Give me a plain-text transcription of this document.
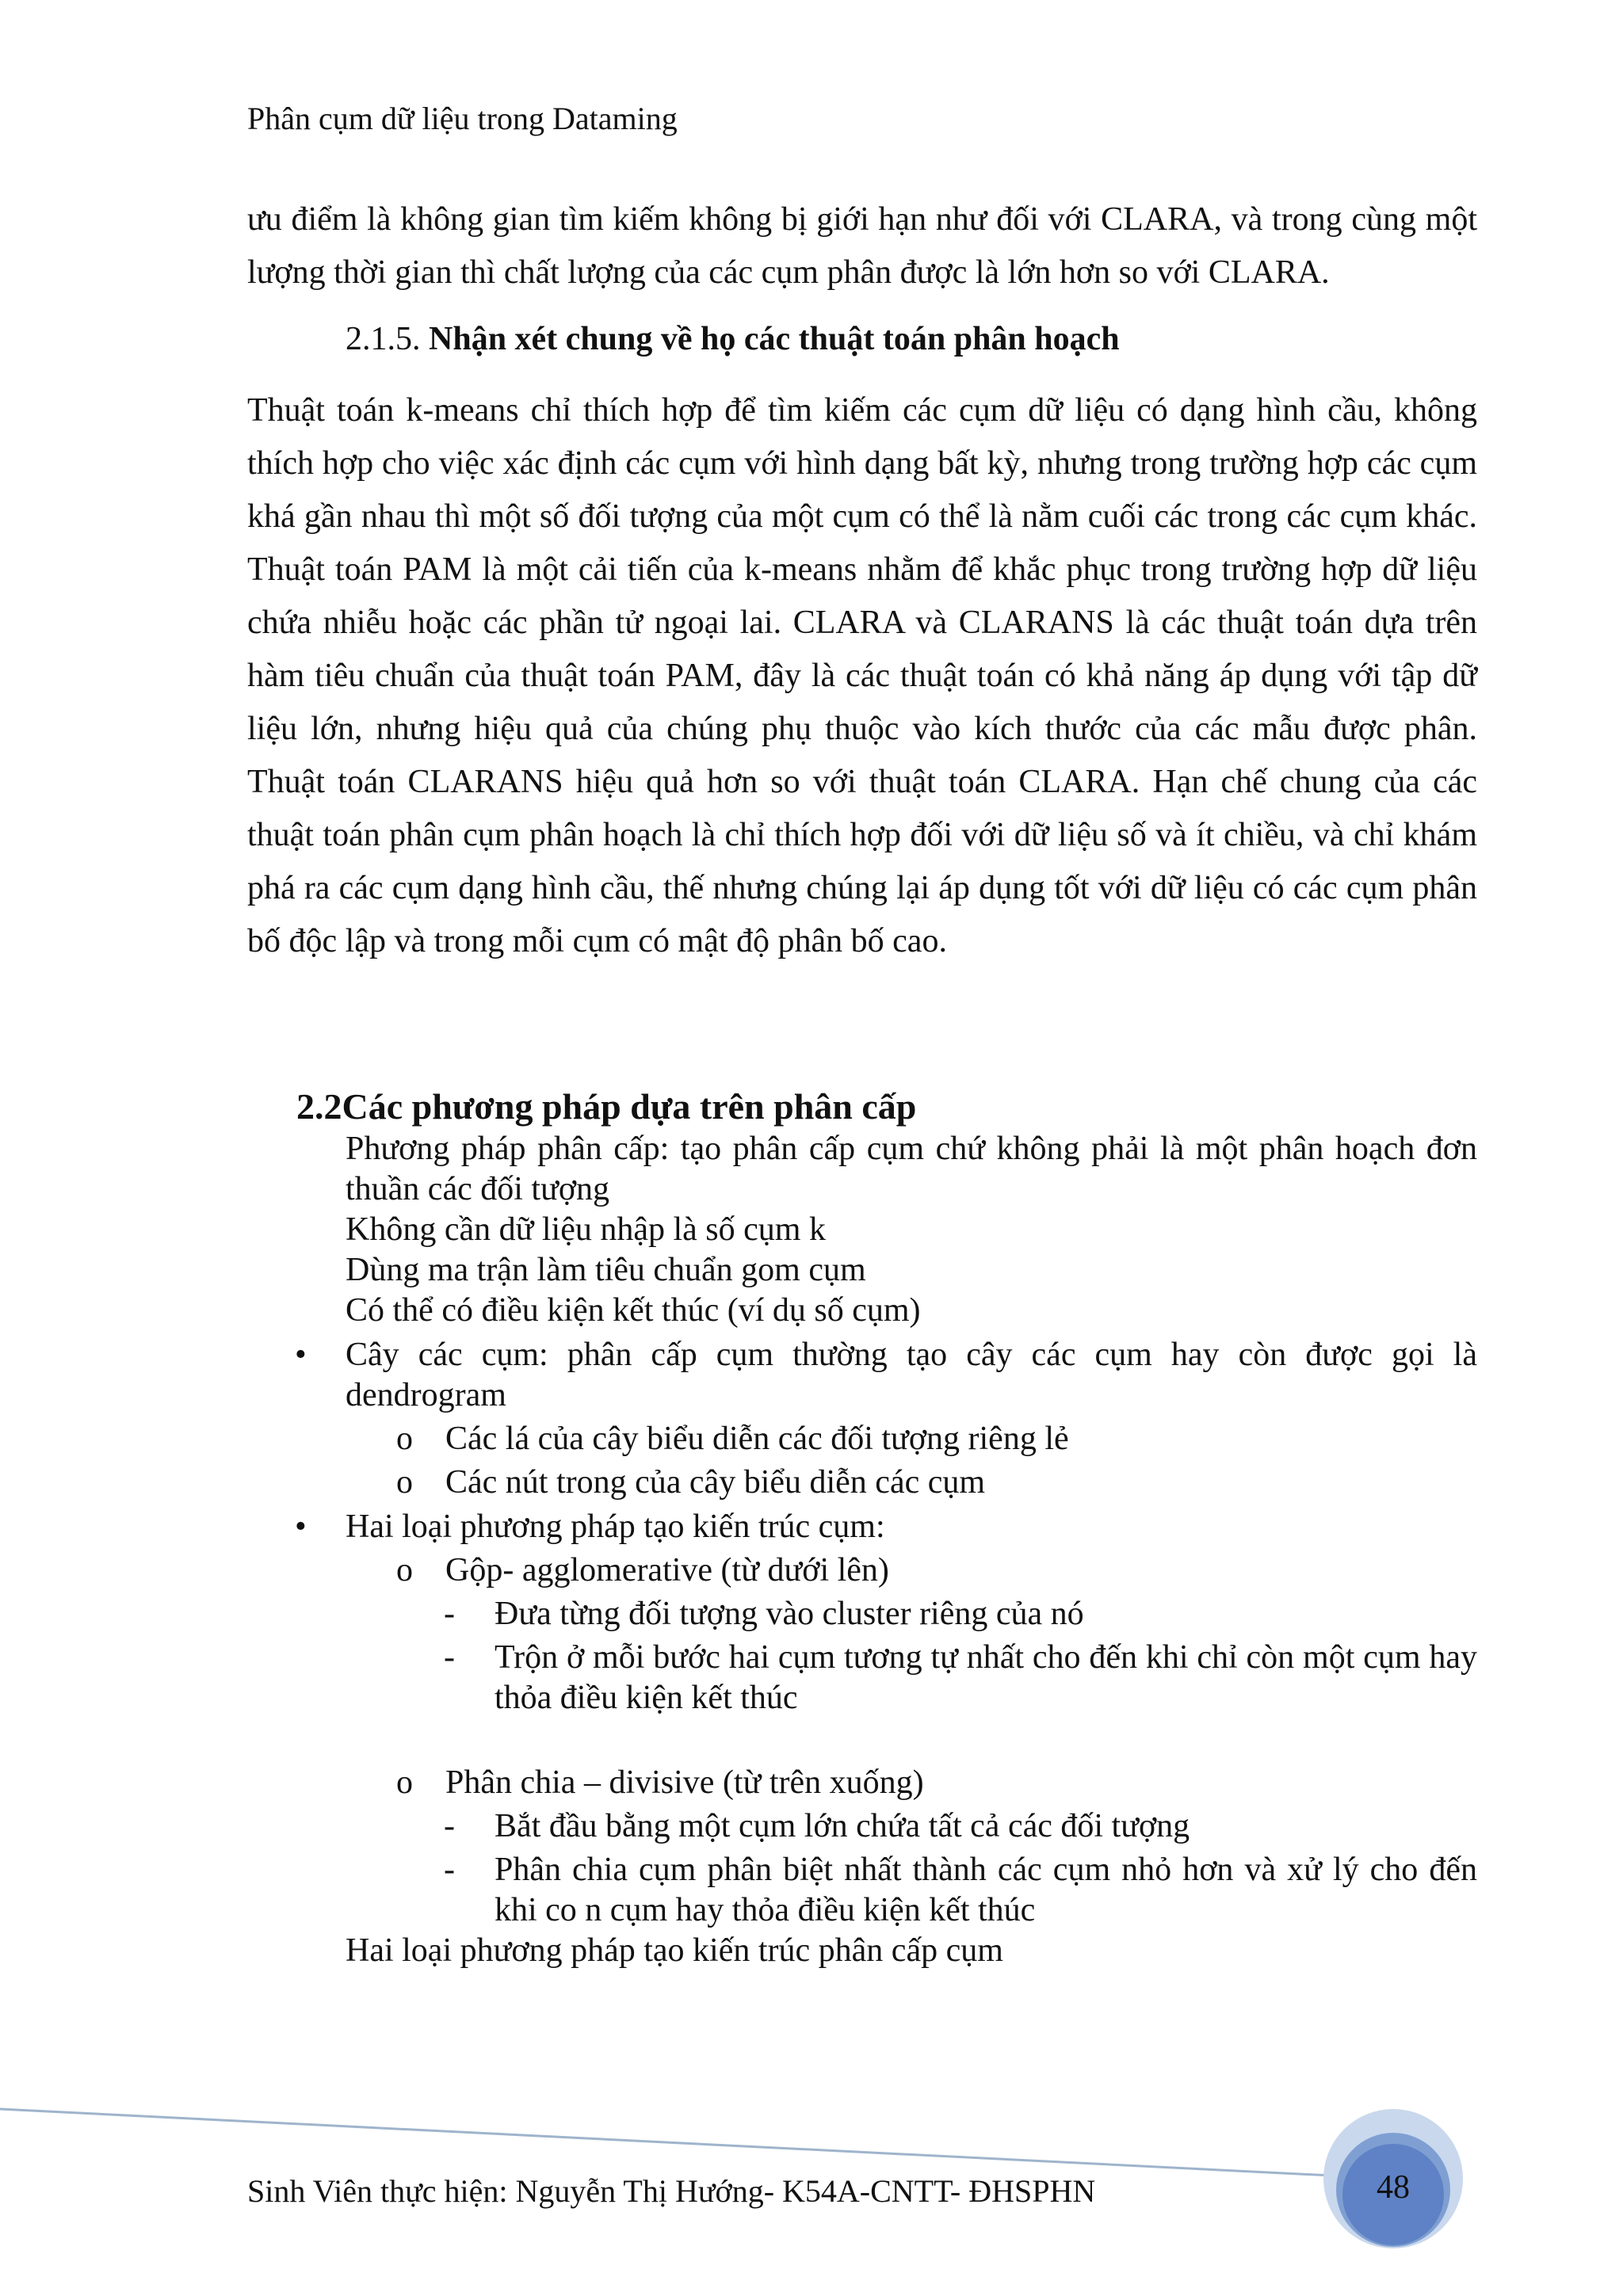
Phân cụm dữ liệu trong Dataming

ưu điểm là không gian tìm kiếm không bị giới hạn như đối với CLARA, và trong cùng một lượng thời gian thì chất lượng của các cụm phân được là lớn hơn so với CLARA.

2.1.5. Nhận xét chung về họ các thuật toán phân hoạch

Thuật toán k-means chỉ thích hợp để tìm kiếm các cụm dữ liệu có dạng hình cầu, không thích hợp cho việc xác định các cụm với hình dạng bất kỳ, nhưng trong trường hợp các cụm khá gần nhau thì một số đối tượng của một cụm có thể là nằm cuối các trong các cụm khác. Thuật toán PAM là một cải tiến của k-means nhằm để khắc phục trong trường hợp dữ liệu chứa nhiễu hoặc các phần tử ngoại lai. CLARA và CLARANS là các thuật toán dựa trên hàm tiêu chuẩn của thuật toán PAM, đây là các thuật toán có khả năng áp dụng với tập dữ liệu lớn, nhưng hiệu quả của chúng phụ thuộc vào kích thước của các mẫu được phân. Thuật toán CLARANS hiệu quả hơn so với thuật toán CLARA. Hạn chế chung của các thuật toán phân cụm phân hoạch là chỉ thích hợp đối với dữ liệu số và ít chiều, và chỉ khám phá ra các cụm dạng hình cầu, thế nhưng chúng lại áp dụng tốt với dữ liệu có các cụm phân bố độc lập và trong mỗi cụm có mật độ phân bố cao.

2.2Các phương pháp dựa trên phân cấp
Phương pháp phân cấp: tạo phân cấp cụm chứ không phải là một phân hoạch đơn thuần các đối tượng
Không cần dữ liệu nhập là số cụm k
Dùng ma trận làm tiêu chuẩn gom cụm
Có thể có điều kiện kết thúc (ví dụ số cụm)
• Cây các cụm: phân cấp cụm thường tạo cây các cụm hay còn được gọi là dendrogram
o Các lá của cây biểu diễn các đối tượng riêng lẻ
o Các nút trong của cây biểu diễn các cụm
• Hai loại phương pháp tạo kiến trúc cụm:
o Gộp- agglomerative (từ dưới lên)
- Đưa từng đối tượng vào cluster riêng của nó
- Trộn ở mỗi bước hai cụm tương tự nhất cho đến khi chỉ còn một cụm hay thỏa điều kiện kết thúc
o Phân chia – divisive (từ trên xuống)
- Bắt đầu bằng một cụm lớn chứa tất cả các đối tượng
- Phân chia cụm phân biệt nhất thành các cụm nhỏ hơn và xử lý cho đến khi co n cụm hay thỏa điều kiện kết thúc
Hai loại phương pháp tạo kiến trúc phân cấp cụm
Sinh Viên thực hiện: Nguyễn Thị Hướng- K54A-CNTT- ĐHSPHN	48
